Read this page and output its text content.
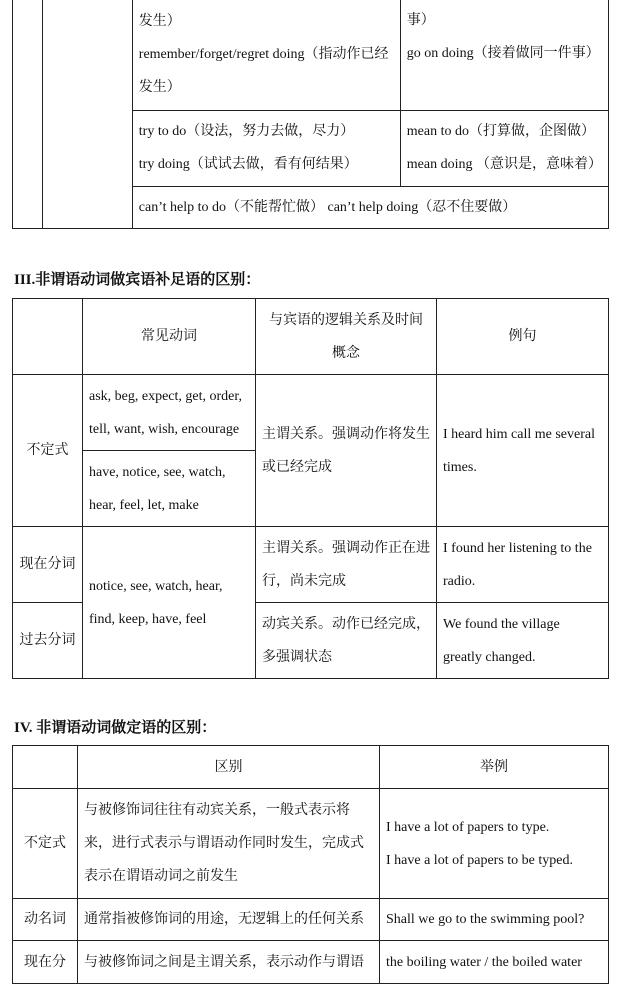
		发生）
remember/forget/regret doing（指动作已经
发生）	事）
go on doing（接着做同一件事）

		try to do（设法，努力去做，尽力）
try doing（试试去做，看有何结果）	mean to do（打算做，企图做）
mean doing （意识是，意味着）

		can’t help to do（不能帮忙做） can’t help doing（忍不住要做）	
III.非谓语动词做宾语补足语的区别：
	常见动词	与宾语的逻辑关系及时间
概念	例句
不定式	ask, beg, expect, get, order,
tell, want, wish, encourage	主谓关系。强调动作将发生
或已经完成	I heard him call me several
times.

	have, notice, see, watch,
hear, feel, let, make		

现在分词	notice, see, watch, hear,
find, keep, have, feel	主谓关系。强调动作正在进
行，尚未完成	I found her listening to the
radio.

过去分词		动宾关系。动作已经完成，
多强调状态	We found the village
greatly changed.
IV. 非谓语动词做定语的区别：
	区别	举例
不定式	与被修饰词往往有动宾关系，一般式表示将
来，进行式表示与谓语动作同时发生，完成式
表示在谓语动词之前发生	I have a lot of papers to type.
I have a lot of papers to be typed.

动名词	通常指被修饰词的用途，无逻辑上的任何关系	Shall we go to the swimming pool?

现在分	与被修饰词之间是主谓关系，表示动作与谓语	the boiling water / the boiled water
